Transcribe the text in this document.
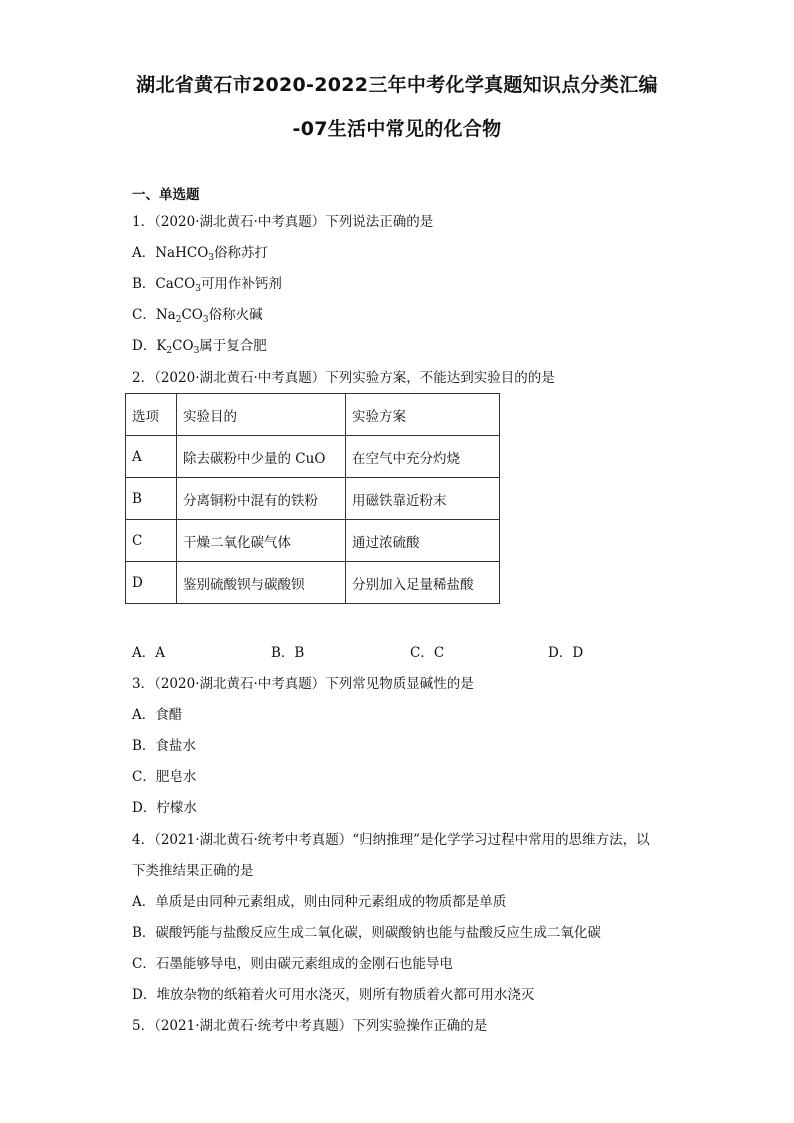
湖北省黄石市2020-2022三年中考化学真题知识点分类汇编
-07生活中常见的化合物
一、单选题
1．（2020·湖北黄石·中考真题）下列说法正确的是
A．NaHCO$_3$俗称苏打
B．CaCO$_3$可用作补钙剂
C．$Na_2CO_3$俗称火碱
D．$K_2CO_3$属于复合肥
2．（2020·湖北黄石·中考真题）下列实验方案，不能达到实验目的的是
选项	实验目的	实验方案
A	除去碳粉中少量的 CuO	在空气中充分灼烧
B	分离铜粉中混有的铁粉	用磁铁靠近粉末
C	干燥二氧化碳气体	通过浓硫酸
D	鉴别硫酸钡与碳酸钡	分别加入足量稀盐酸
A．A	B．B	C．C	D．D
3．（2020·湖北黄石·中考真题）下列常见物质显碱性的是
A．食醋
B．食盐水
C．肥皂水
D．柠檬水
4．（2021·湖北黄石·统考中考真题）“归纳推理”是化学学习过程中常用的思维方法，以
下类推结果正确的是
A．单质是由同种元素组成，则由同种元素组成的物质都是单质
B．碳酸钙能与盐酸反应生成二氧化碳，则碳酸钠也能与盐酸反应生成二氧化碳
C．石墨能够导电，则由碳元素组成的金刚石也能导电
D．堆放杂物的纸箱着火可用水浇灭，则所有物质着火都可用水浇灭
5．（2021·湖北黄石·统考中考真题）下列实验操作正确的是
